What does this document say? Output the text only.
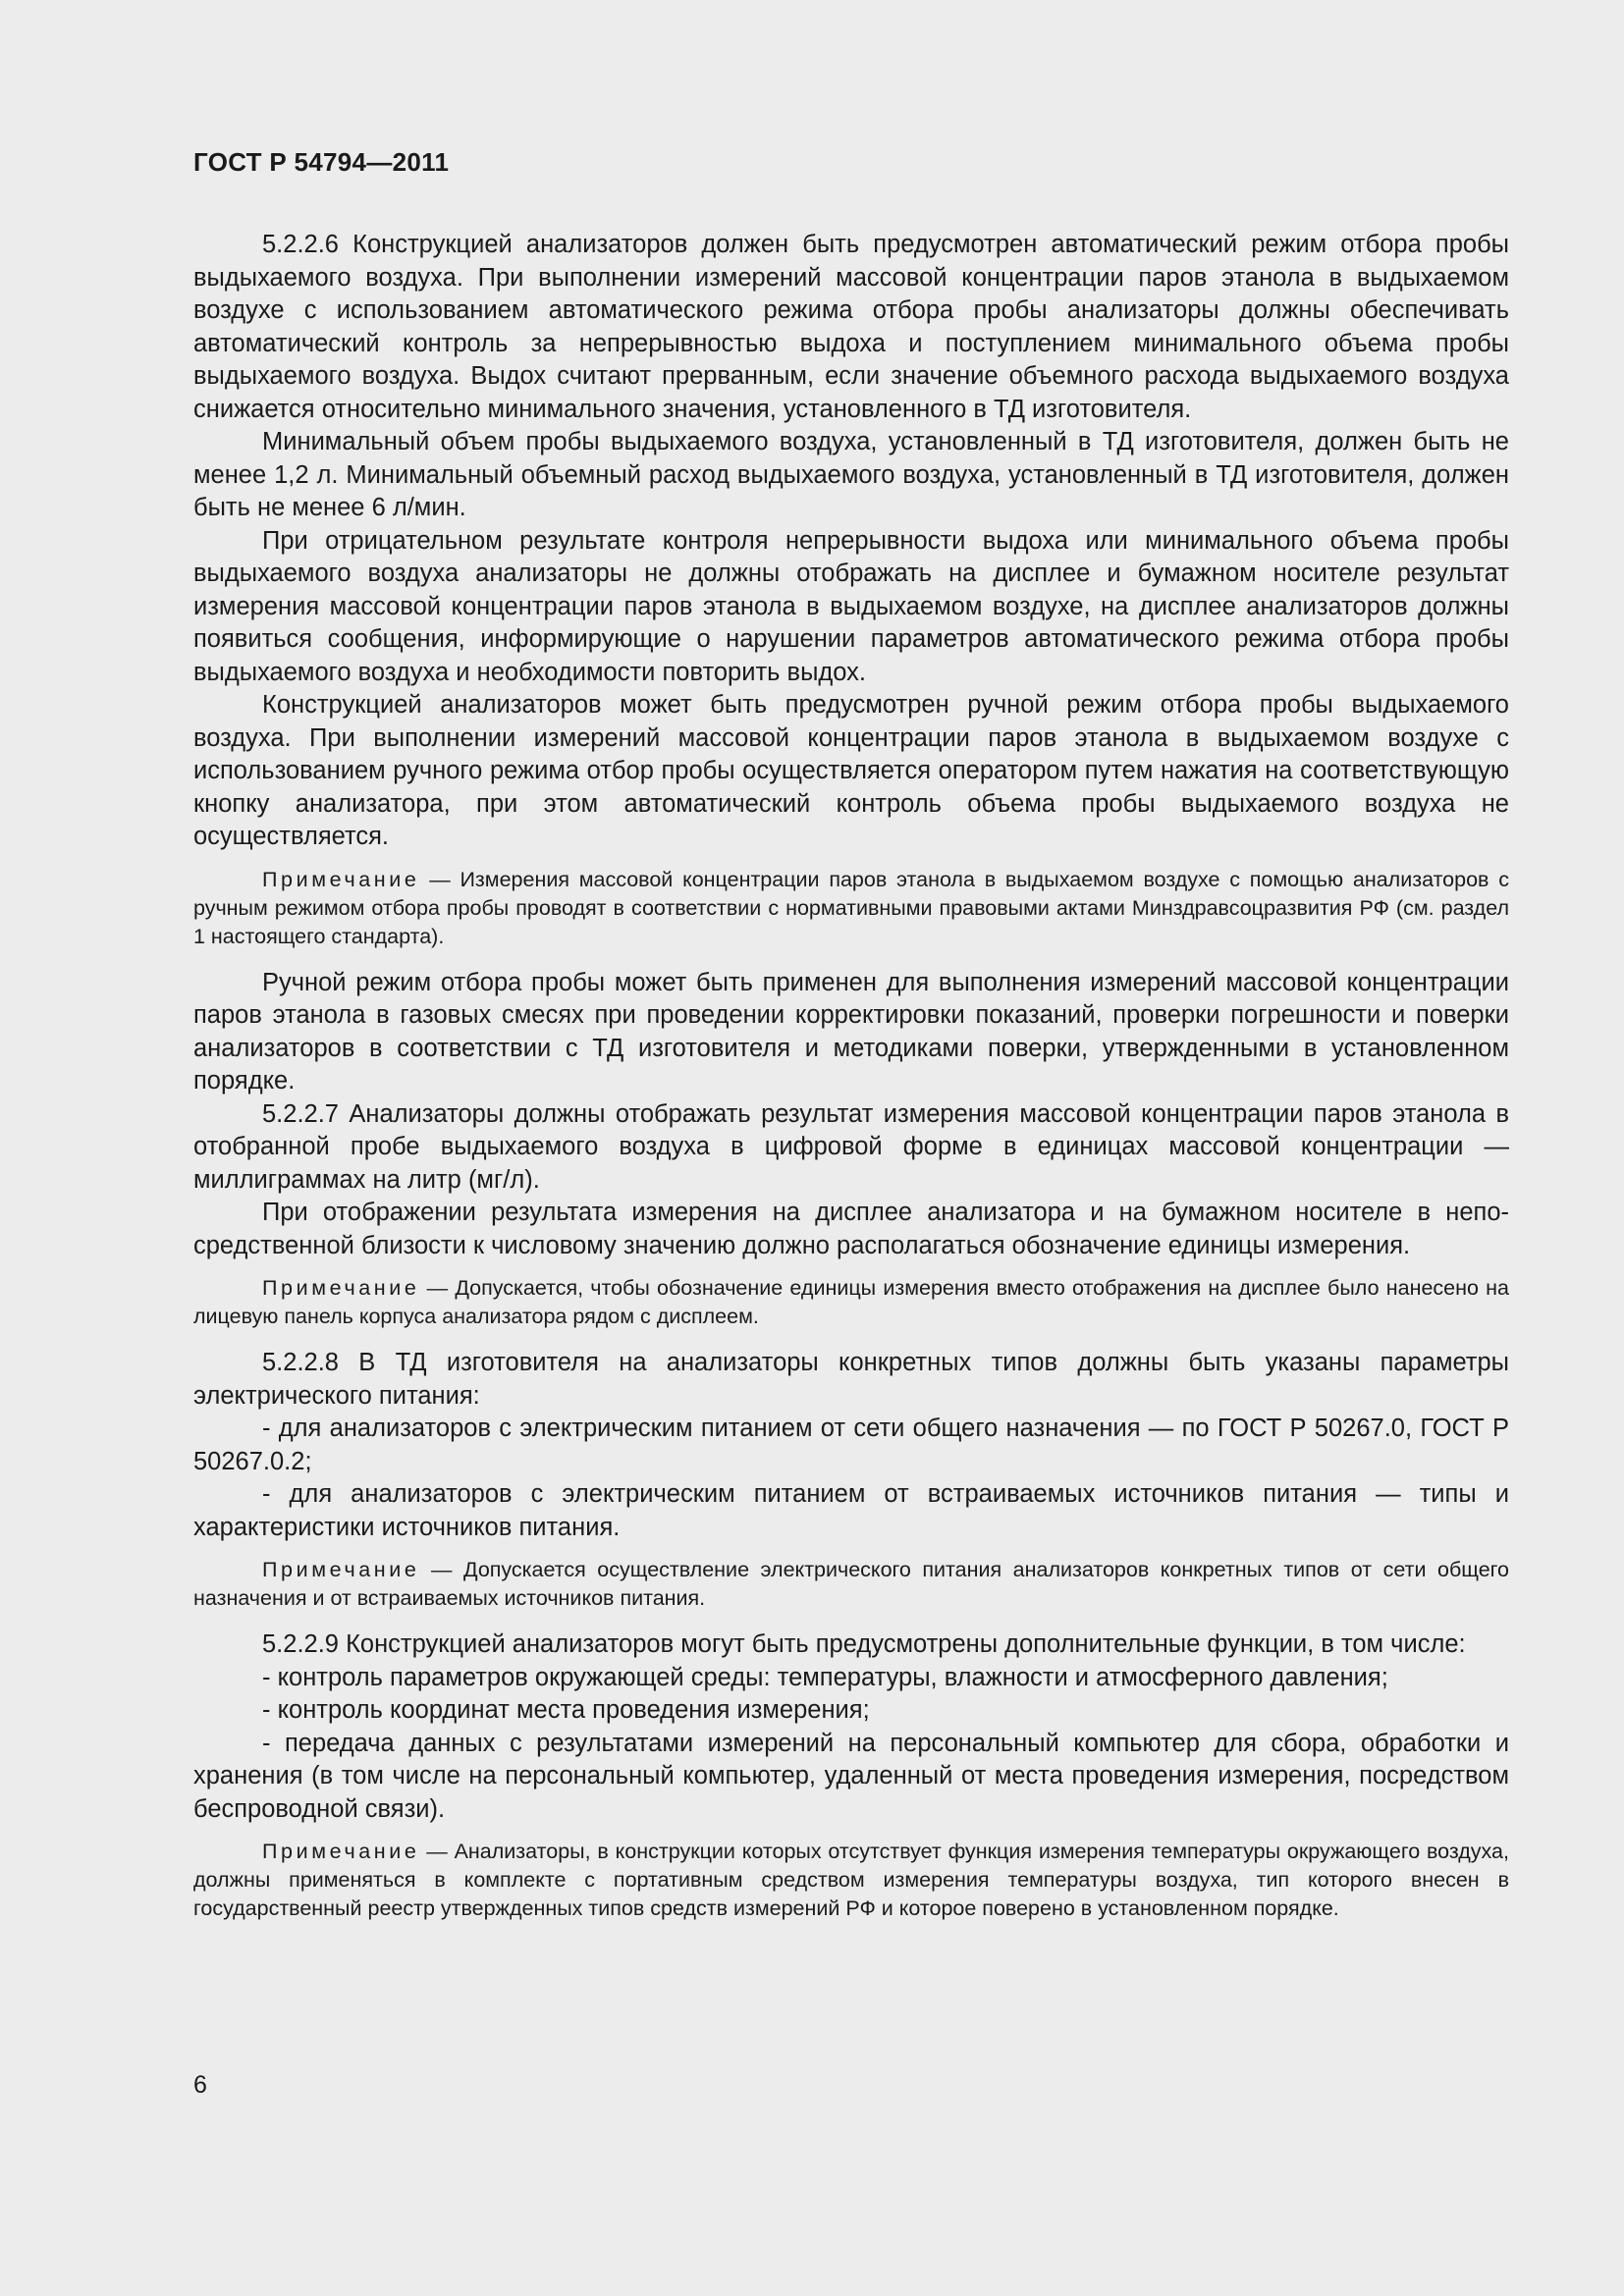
ГОСТ Р 54794—2011

5.2.2.6 Конструкцией анализаторов должен быть предусмотрен автоматический режим отбора пробы выдыхаемого воздуха. При выполнении измерений массовой концентрации паров этанола в выдыхаемом воздухе с использованием автоматического режима отбора пробы анализаторы должны обеспечивать автоматический контроль за непрерывностью выдоха и поступлением минимального объема пробы выдыхаемого воздуха. Выдох считают прерванным, если значение объемного расхода выдыхаемого воздуха снижается относительно минимального значения, установленного в ТД изготовителя.

Минимальный объем пробы выдыхаемого воздуха, установленный в ТД изготовителя, должен быть не менее 1,2 л. Минимальный объемный расход выдыхаемого воздуха, установленный в ТД изготовителя, должен быть не менее 6 л/мин.

При отрицательном результате контроля непрерывности выдоха или минимального объема пробы выдыхаемого воздуха анализаторы не должны отображать на дисплее и бумажном носителе результат измерения массовой концентрации паров этанола в выдыхаемом воздухе, на дисплее анализаторов должны появиться сообщения, информирующие о нарушении параметров автоматического режима отбора пробы выдыхаемого воздуха и необходимости повторить выдох.

Конструкцией анализаторов может быть предусмотрен ручной режим отбора пробы выдыхаемого воздуха. При выполнении измерений массовой концентрации паров этанола в выдыхаемом воздухе с использованием ручного режима отбор пробы осуществляется оператором путем нажатия на соответствующую кнопку анализатора, при этом автоматический контроль объема пробы выдыхаемого воздуха не осуществляется.

Примечание — Измерения массовой концентрации паров этанола в выдыхаемом воздухе с помощью анализаторов с ручным режимом отбора пробы проводят в соответствии с нормативными правовыми актами Минздравсоцразвития РФ (см. раздел 1 настоящего стандарта).

Ручной режим отбора пробы может быть применен для выполнения измерений массовой концентрации паров этанола в газовых смесях при проведении корректировки показаний, проверки погрешности и поверки анализаторов в соответствии с ТД изготовителя и методиками поверки, утвержденными в установленном порядке.

5.2.2.7 Анализаторы должны отображать результат измерения массовой концентрации паров этанола в отобранной пробе выдыхаемого воздуха в цифровой форме в единицах массовой концентрации — миллиграммах на литр (мг/л).

При отображении результата измерения на дисплее анализатора и на бумажном носителе в непосредственной близости к числовому значению должно располагаться обозначение единицы измерения.

Примечание — Допускается, чтобы обозначение единицы измерения вместо отображения на дисплее было нанесено на лицевую панель корпуса анализатора рядом с дисплеем.

5.2.2.8 В ТД изготовителя на анализаторы конкретных типов должны быть указаны параметры электрического питания:

- для анализаторов с электрическим питанием от сети общего назначения — по ГОСТ Р 50267.0, ГОСТ Р 50267.0.2;

- для анализаторов с электрическим питанием от встраиваемых источников питания — типы и характеристики источников питания.

Примечание — Допускается осуществление электрического питания анализаторов конкретных типов от сети общего назначения и от встраиваемых источников питания.

5.2.2.9 Конструкцией анализаторов могут быть предусмотрены дополнительные функции, в том числе:

- контроль параметров окружающей среды: температуры, влажности и атмосферного давления;

- контроль координат места проведения измерения;

- передача данных с результатами измерений на персональный компьютер для сбора, обработки и хранения (в том числе на персональный компьютер, удаленный от места проведения измерения, посредством беспроводной связи).

Примечание — Анализаторы, в конструкции которых отсутствует функция измерения температуры окружающего воздуха, должны применяться в комплекте с портативным средством измерения температуры воздуха, тип которого внесен в государственный реестр утвержденных типов средств измерений РФ и которое поверено в установленном порядке.

6
